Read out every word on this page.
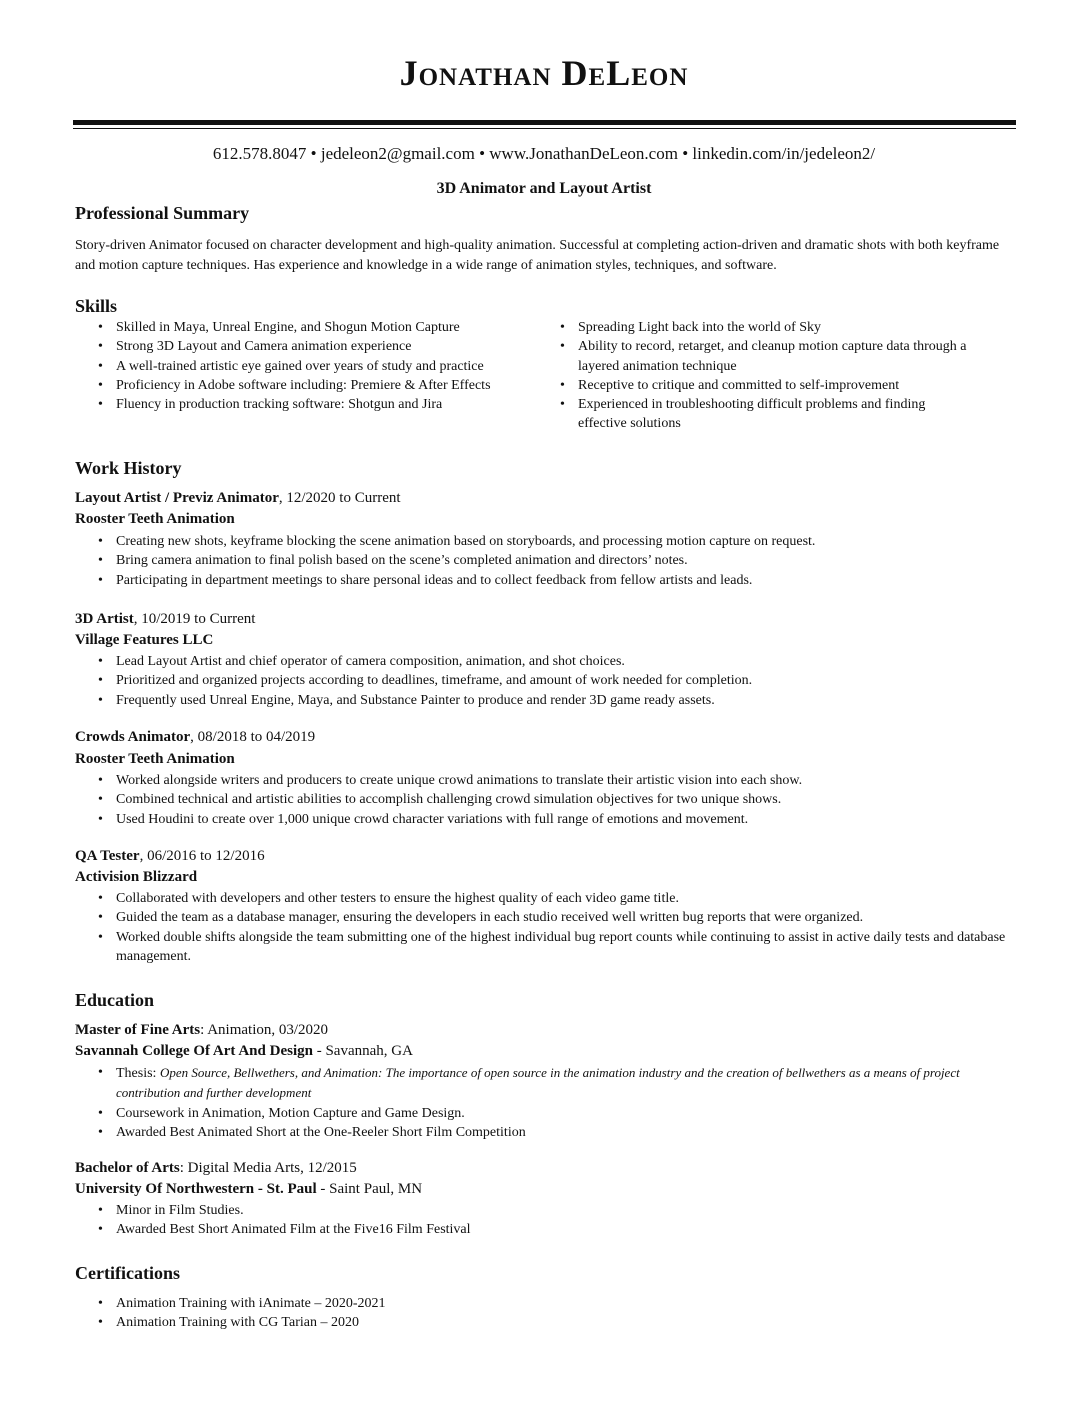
Jonathan DeLeon
612.578.8047 • jedeleon2@gmail.com • www.JonathanDeLeon.com • linkedin.com/in/jedeleon2/
3D Animator and Layout Artist
Professional Summary

Story-driven Animator focused on character development and high-quality animation. Successful at completing action-driven and dramatic shots with both keyframe and motion capture techniques. Has experience and knowledge in a wide range of animation styles, techniques, and software.

Skills
• Skilled in Maya, Unreal Engine, and Shogun Motion Capture
• Strong 3D Layout and Camera animation experience
• A well-trained artistic eye gained over years of study and practice
• Proficiency in Adobe software including: Premiere & After Effects
• Fluency in production tracking software: Shotgun and Jira
• Spreading Light back into the world of Sky
• Ability to record, retarget, and cleanup motion capture data through a layered animation technique
• Receptive to critique and committed to self-improvement
• Experienced in troubleshooting difficult problems and finding effective solutions
Work History
Layout Artist / Previz Animator, 12/2020 to Current
Rooster Teeth Animation
• Creating new shots, keyframe blocking the scene animation based on storyboards, and processing motion capture on request.
• Bring camera animation to final polish based on the scene’s completed animation and directors’ notes.
• Participating in department meetings to share personal ideas and to collect feedback from fellow artists and leads.
3D Artist, 10/2019 to Current
Village Features LLC
• Lead Layout Artist and chief operator of camera composition, animation, and shot choices.
• Prioritized and organized projects according to deadlines, timeframe, and amount of work needed for completion.
• Frequently used Unreal Engine, Maya, and Substance Painter to produce and render 3D game ready assets.
Crowds Animator, 08/2018 to 04/2019
Rooster Teeth Animation
• Worked alongside writers and producers to create unique crowd animations to translate their artistic vision into each show.
• Combined technical and artistic abilities to accomplish challenging crowd simulation objectives for two unique shows.
• Used Houdini to create over 1,000 unique crowd character variations with full range of emotions and movement.
QA Tester, 06/2016 to 12/2016
Activision Blizzard
• Collaborated with developers and other testers to ensure the highest quality of each video game title.
• Guided the team as a database manager, ensuring the developers in each studio received well written bug reports that were organized.
• Worked double shifts alongside the team submitting one of the highest individual bug report counts while continuing to assist in active daily tests and database management.
Education
Master of Fine Arts: Animation, 03/2020
Savannah College Of Art And Design - Savannah, GA
• Thesis: Open Source, Bellwethers, and Animation: The importance of open source in the animation industry and the creation of bellwethers as a means of project contribution and further development
• Coursework in Animation, Motion Capture and Game Design.
• Awarded Best Animated Short at the One-Reeler Short Film Competition
Bachelor of Arts: Digital Media Arts, 12/2015
University Of Northwestern - St. Paul - Saint Paul, MN
• Minor in Film Studies.
• Awarded Best Short Animated Film at the Five16 Film Festival
Certifications
• Animation Training with iAnimate – 2020-2021
• Animation Training with CG Tarian – 2020
